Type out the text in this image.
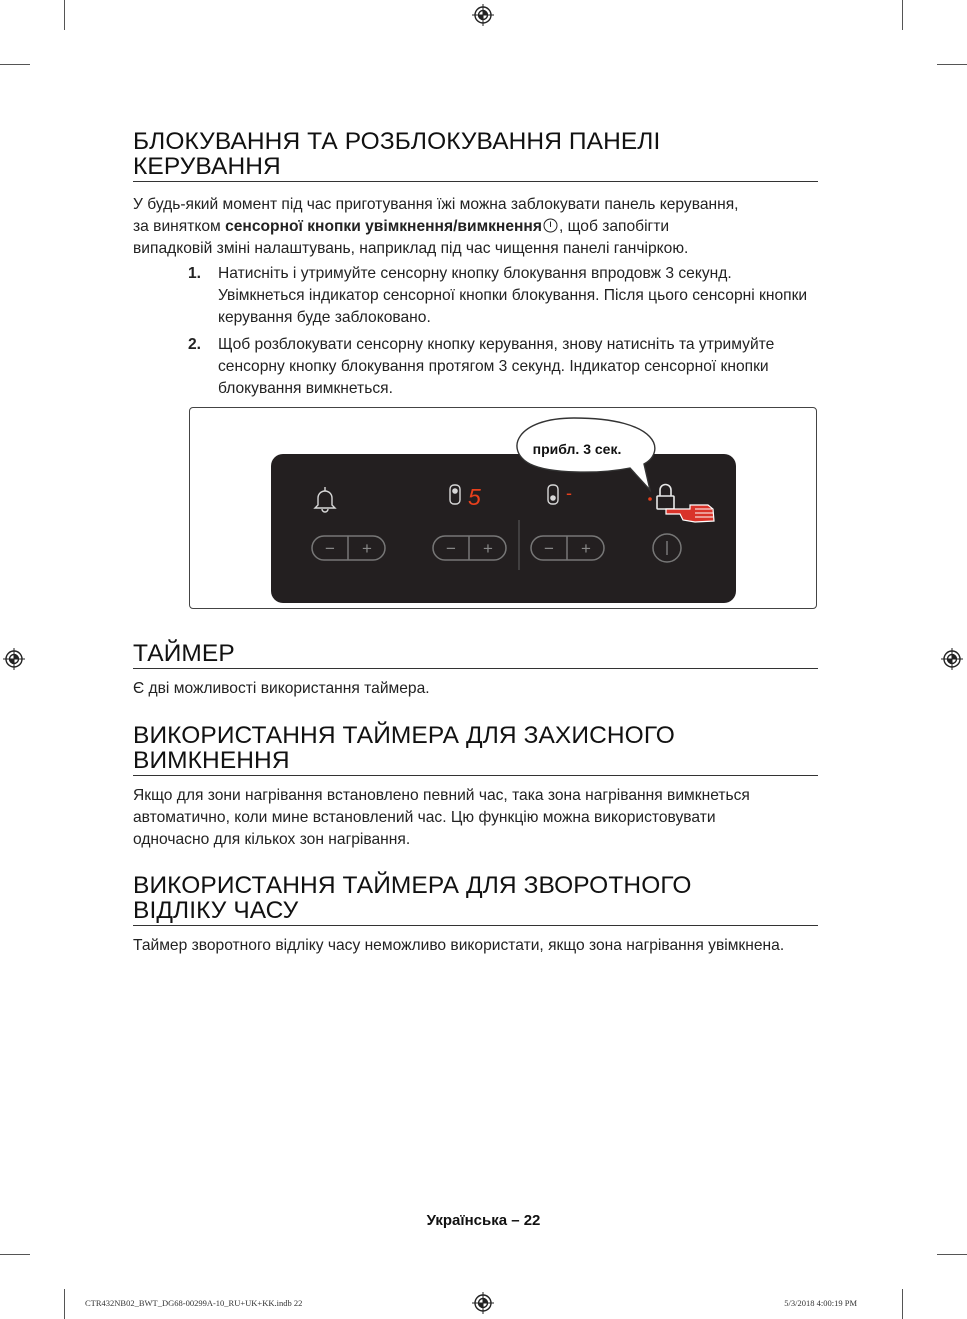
БЛОКУВАННЯ ТА РОЗБЛОКУВАННЯ ПАНЕЛІ
КЕРУВАННЯ

У будь-який момент під час приготування їжі можна заблокувати панель керування,
за винятком сенсорної кнопки увімкнення/вимкнення , щоб запобігти
випадковій зміні налаштувань, наприклад під час чищення панелі ганчіркою.

1. Натисніть і утримуйте сенсорну кнопку блокування впродовж 3 секунд. Увімкнеться індикатор сенсорної кнопки блокування. Після цього сенсорні кнопки керування буде заблоковано.
2. Щоб розблокувати сенсорну кнопку керування, знову натисніть та утримуйте сенсорну кнопку блокування протягом 3 секунд. Індикатор сенсорної кнопки блокування вимкнеться.
5	-
− +	− +	− +
прибл. 3 сек.
ТАЙМЕР

Є дві можливості використання таймера.

ВИКОРИСТАННЯ ТАЙМЕРА ДЛЯ ЗАХИСНОГО
ВИМКНЕННЯ

Якщо для зони нагрівання встановлено певний час, така зона нагрівання вимкнеться автоматично, коли мине встановлений час. Цю функцію можна використовувати одночасно для кількох зон нагрівання.

ВИКОРИСТАННЯ ТАЙМЕРА ДЛЯ ЗВОРОТНОГО
ВІДЛІКУ ЧАСУ

Таймер зворотного відліку часу неможливо використати, якщо зона нагрівання увімкнена.

Українська – 22
CTR432NB02_BWT_DG68-00299A-10_RU+UK+KK.indb 22	5/3/2018 4:00:19 PM
